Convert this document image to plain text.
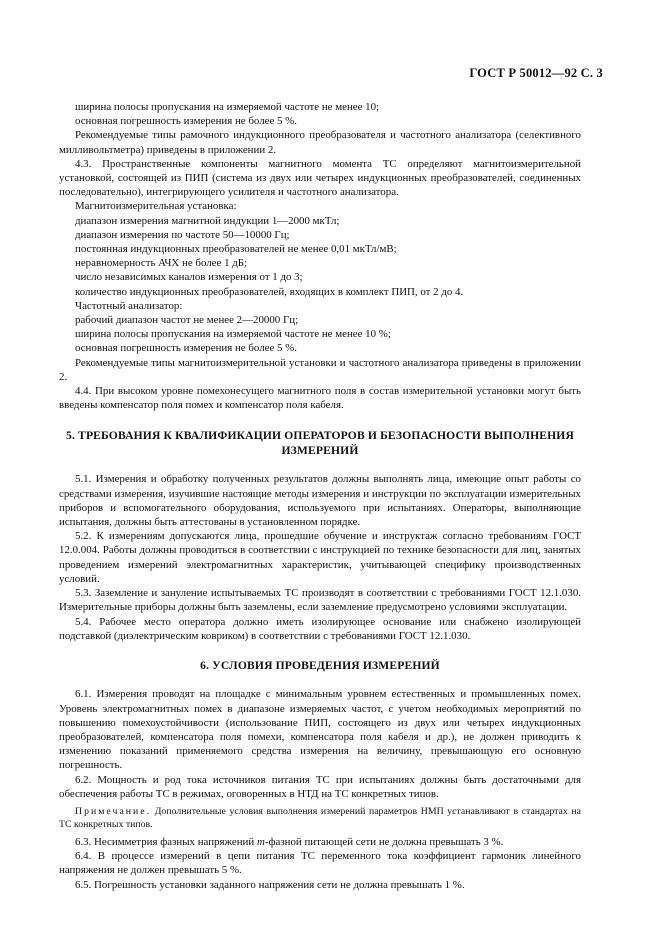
ГОСТ Р 50012—92 С. 3

ширина полосы пропускания на измеряемой частоте не менее 10;

основная погрешность измерения не более 5 %.

Рекомендуемые типы рамочного индукционного преобразователя и частотного анализатора (селективного милливольтметра) приведены в приложении 2.

4.3. Пространственные компоненты магнитного момента ТС определяют магнитоизмерительной установкой, состоящей из ПИП (система из двух или четырех индукционных преобразователей, соединенных последовательно), интегрирующего усилителя и частотного анализатора.

Магнитоизмерительная установка:

диапазон измерения магнитной индукции 1—2000 мкТл;

диапазон измерения по частоте 50—10000 Гц;

постоянная индукционных преобразователей не менее 0,01 мкТл/мВ;

неравномерность АЧХ не более 1 дБ;

число независимых каналов измерения от 1 до 3;

количество индукционных преобразователей, входящих в комплект ПИП, от 2 до 4.

Частотный анализатор:

рабочий диапазон частот не менее 2—20000 Гц;

ширина полосы пропускания на измеряемой частоте не менее 10 %;

основная погрешность измерения не более 5 %.

Рекомендуемые типы магнитоизмерительной установки и частотного анализатора приведены в приложении 2.

4.4. При высоком уровне помехонесущего магнитного поля в состав измерительной установки могут быть введены компенсатор поля помех и компенсатор поля кабеля.

5. ТРЕБОВАНИЯ К КВАЛИФИКАЦИИ ОПЕРАТОРОВ И БЕЗОПАСНОСТИ ВЫПОЛНЕНИЯ
ИЗМЕРЕНИЙ

5.1. Измерения и обработку полученных результатов должны выполнять лица, имеющие опыт работы со средствами измерения, изучившие настоящие методы измерения и инструкции по эксплуатации измерительных приборов и вспомогательного оборудования, используемого при испытаниях. Операторы, выполняющие испытания, должны быть аттестованы в установленном порядке.

5.2. К измерениям допускаются лица, прошедшие обучение и инструктаж согласно требованиям ГОСТ 12.0.004. Работы должны проводиться в соответствии с инструкцией по технике безопасности для лиц, занятых проведением измерений электромагнитных характеристик, учитывающей специфику производственных условий.

5.3. Заземление и зануление испытываемых ТС производят в соответствии с требованиями ГОСТ 12.1.030. Измерительные приборы должны быть заземлены, если заземление предусмотрено условиями эксплуатации.

5.4. Рабочее место оператора должно иметь изолирующее основание или снабжено изолирующей подставкой (диэлектрическим ковриком) в соответствии с требованиями ГОСТ 12.1.030.

6. УСЛОВИЯ ПРОВЕДЕНИЯ ИЗМЕРЕНИЙ

6.1. Измерения проводят на площадке с минимальным уровнем естественных и промышленных помех. Уровень электромагнитных помех в диапазоне измеряемых частот, с учетом необходимых мероприятий по повышению помехоустойчивости (использование ПИП, состоящего из двух или четырех индукционных преобразователей, компенсатора поля помехи, компенсатора поля кабеля и др.), не должен приводить к изменению показаний применяемого средства измерения на величину, превышающую его основную погрешность.

6.2. Мощность и род тока источников питания ТС при испытаниях должны быть достаточными для обеспечения работы ТС в режимах, оговоренных в НТД на ТС конкретных типов.

Примечание. Дополнительные условия выполнения измерений параметров НМП устанавливают в стандартах на ТС конкретных типов.

6.3. Несимметрия фазных напряжений m-фазной питающей сети не должна превышать 3 %.

6.4. В процессе измерений в цепи питания ТС переменного тока коэффициент гармоник линейного напряжения не должен превышать 5 %.

6.5. Погрешность установки заданного напряжения сети не должна превышать 1 %.
